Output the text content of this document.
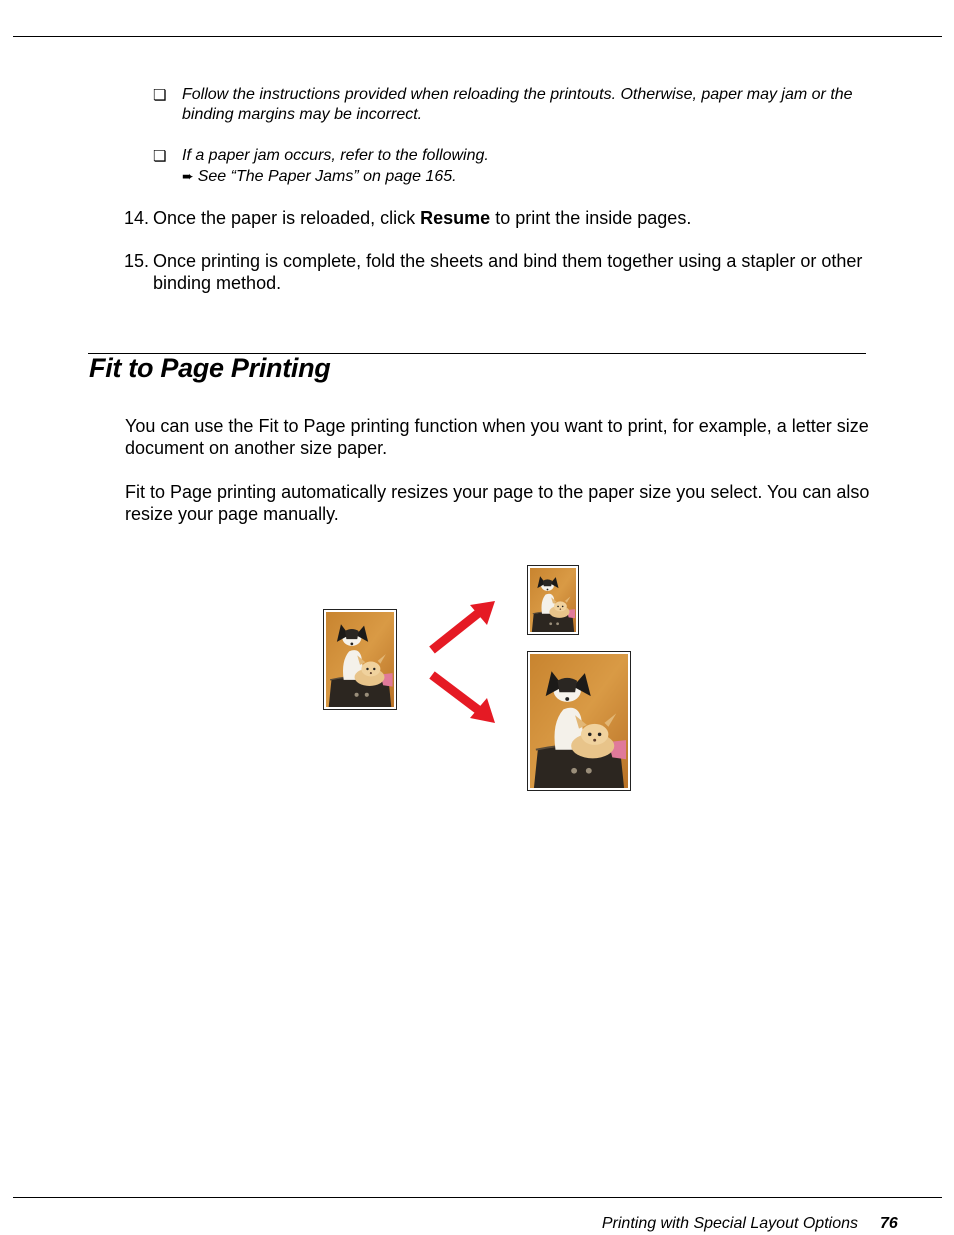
❏ Follow the instructions provided when reloading the printouts. Otherwise, paper may jam or the binding margins may be incorrect.
❏ If a paper jam occurs, refer to the following.
➨ See “The Paper Jams” on page 165.
14. Once the paper is reloaded, click Resume to print the inside pages.
15. Once printing is complete, fold the sheets and bind them together using a stapler or other binding method.
Fit to Page Printing
You can use the Fit to Page printing function when you want to print, for example, a letter size document on another size paper.
Fit to Page printing automatically resizes your page to the paper size you select. You can also resize your page manually.
Printing with Special Layout Options 76
